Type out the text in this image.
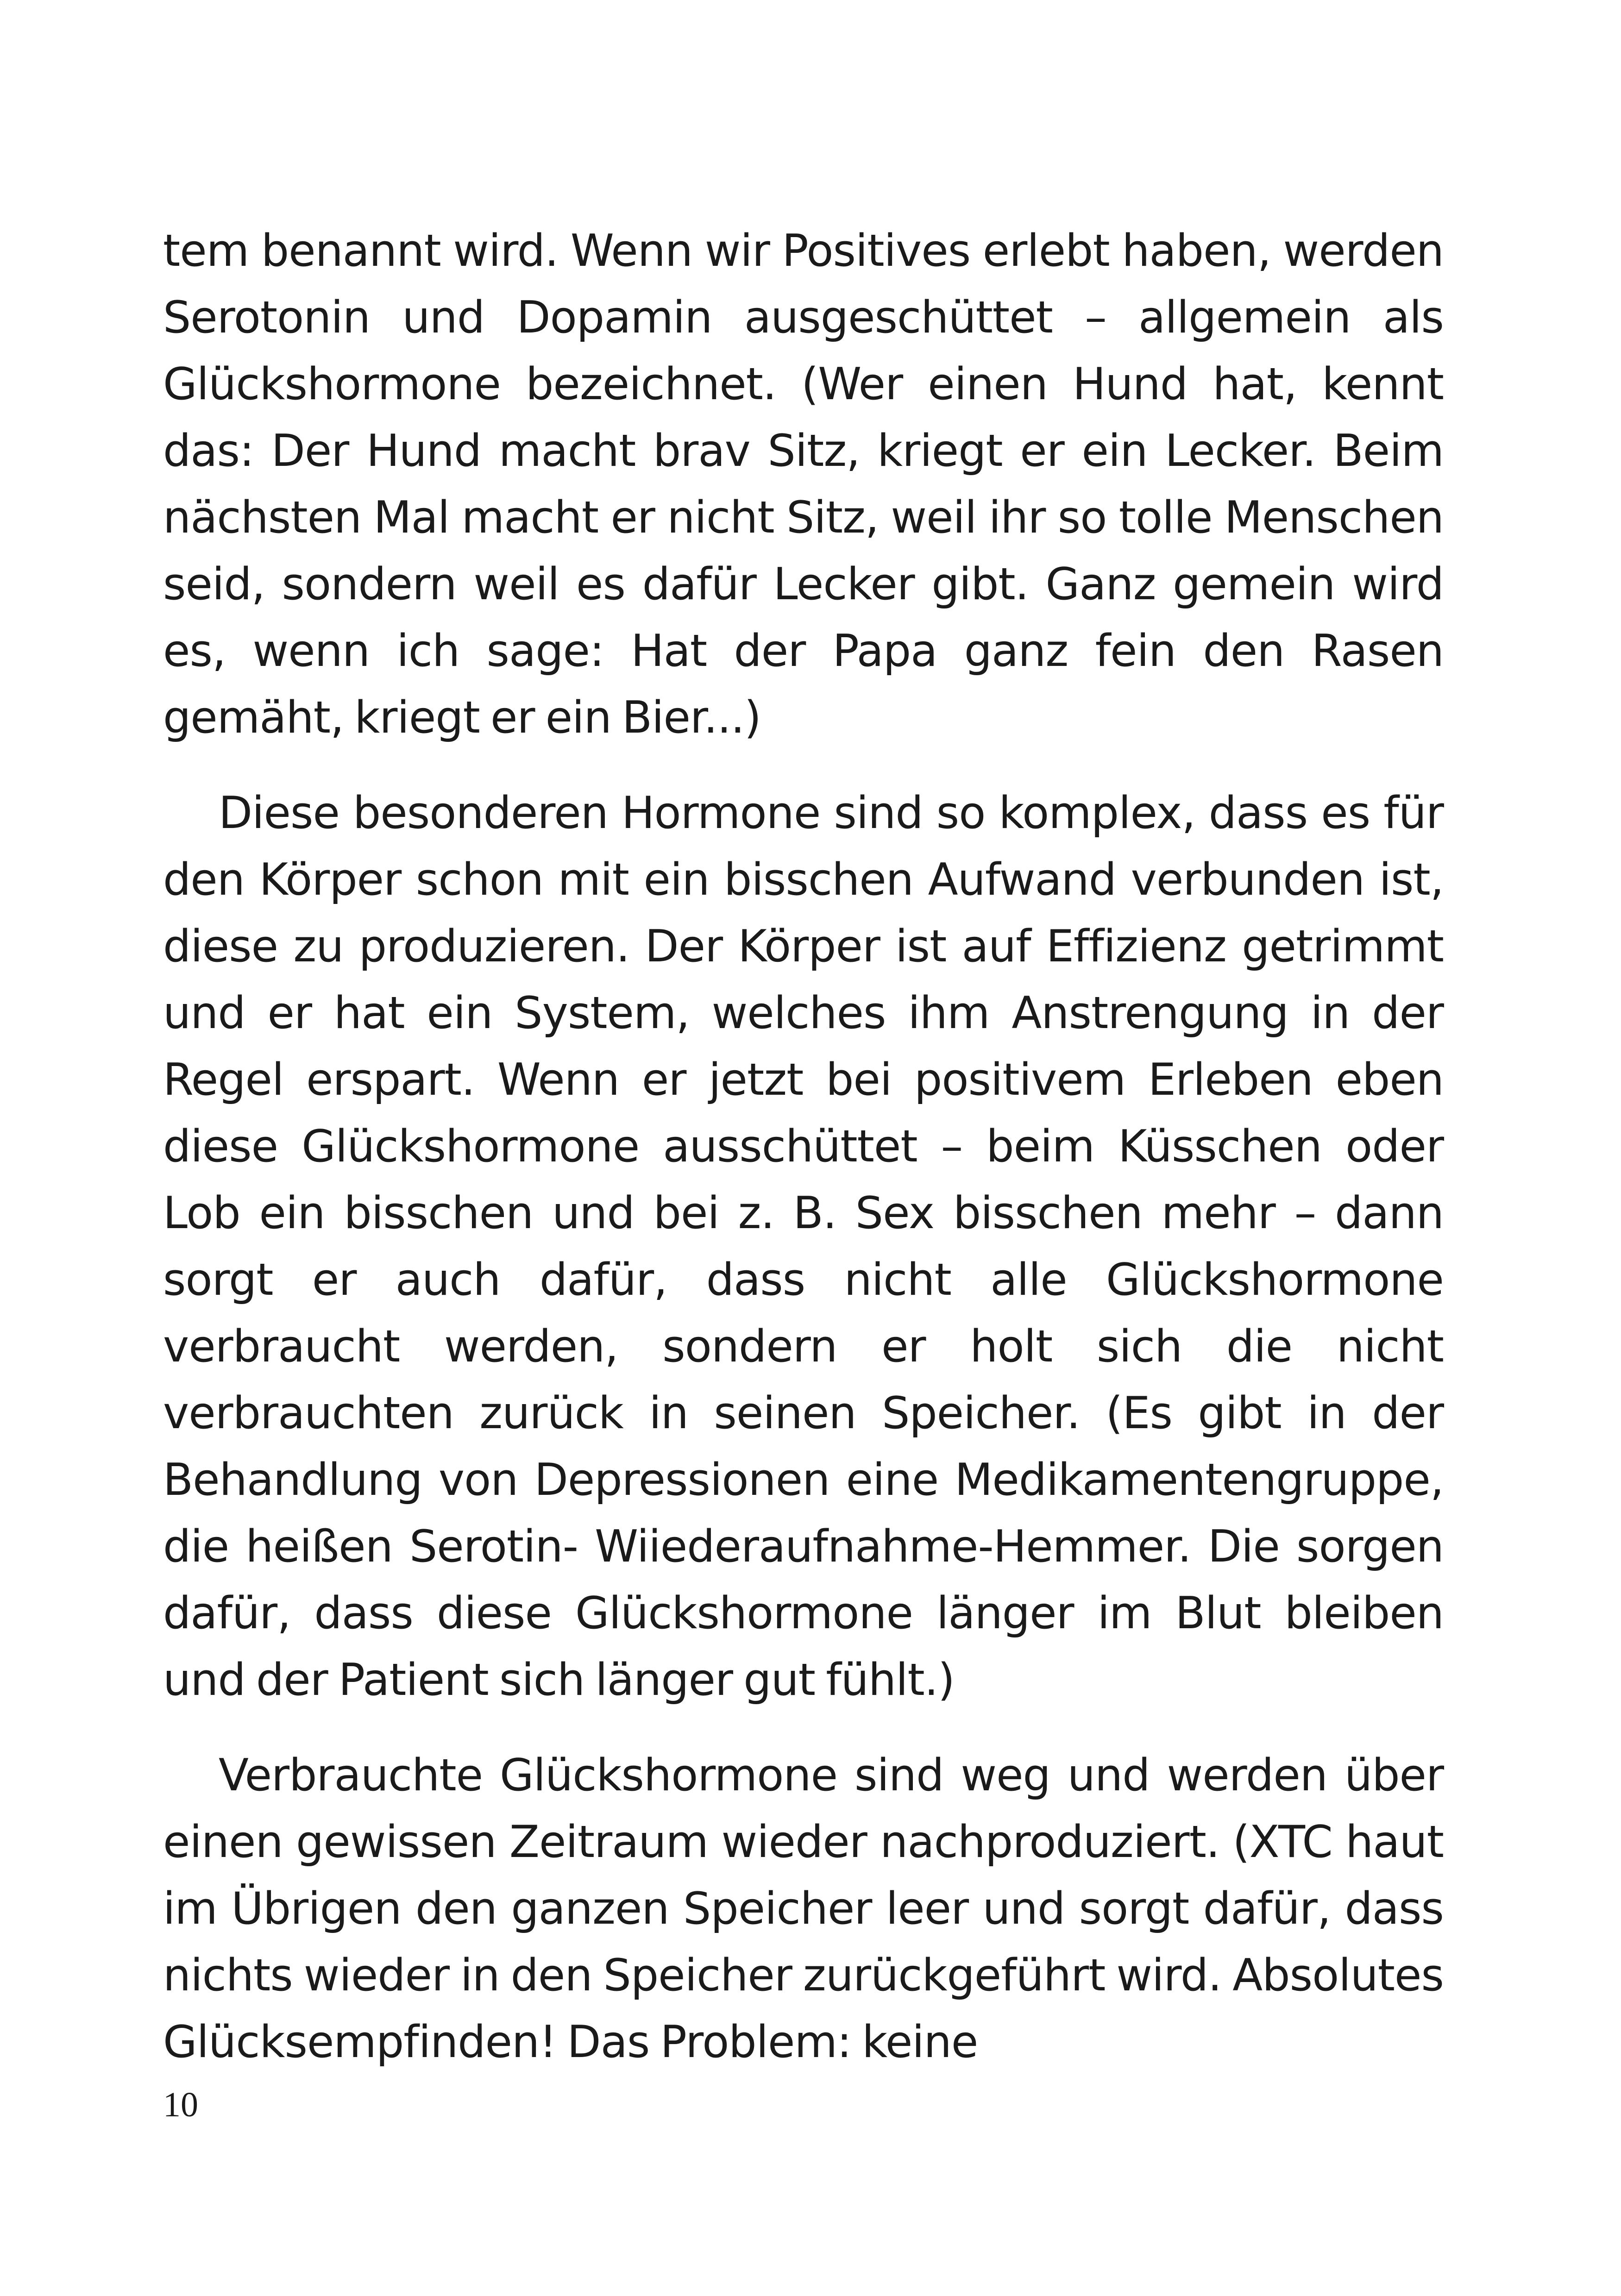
tem benannt wird. Wenn wir Positives erlebt haben, werden Serotonin und Dopamin ausgeschüttet – allgemein als Glückshormone bezeichnet. (Wer einen Hund hat, kennt das: Der Hund macht brav Sitz, kriegt er ein Lecker. Beim nächsten Mal macht er nicht Sitz, weil ihr so tolle Menschen seid, sondern weil es dafür Lecker gibt. Ganz gemein wird es, wenn ich sage: Hat der Papa ganz fein den Rasen gemäht, kriegt er ein Bier...)

Diese besonderen Hormone sind so komplex, dass es für den Körper schon mit ein bisschen Aufwand verbunden ist, diese zu produzieren. Der Körper ist auf Effizienz getrimmt und er hat ein System, welches ihm Anstrengung in der Regel erspart. Wenn er jetzt bei positivem Erleben eben diese Glückshormone ausschüttet – beim Küsschen oder Lob ein bisschen und bei z. B. Sex bisschen mehr – dann sorgt er auch dafür, dass nicht alle Glückshormone verbraucht werden, sondern er holt sich die nicht verbrauchten zurück in seinen Speicher. (Es gibt in der Behandlung von Depressionen eine Medikamentengruppe, die heißen Serotin- Wiiederaufnahme-Hemmer. Die sorgen dafür, dass diese Glückshormone länger im Blut bleiben und der Patient sich länger gut fühlt.)

Verbrauchte Glückshormone sind weg und werden über einen gewissen Zeitraum wieder nachproduziert. (XTC haut im Übrigen den ganzen Speicher leer und sorgt dafür, dass nichts wieder in den Speicher zurückgeführt wird. Absolutes Glücksempfinden! Das Problem: keine

10
